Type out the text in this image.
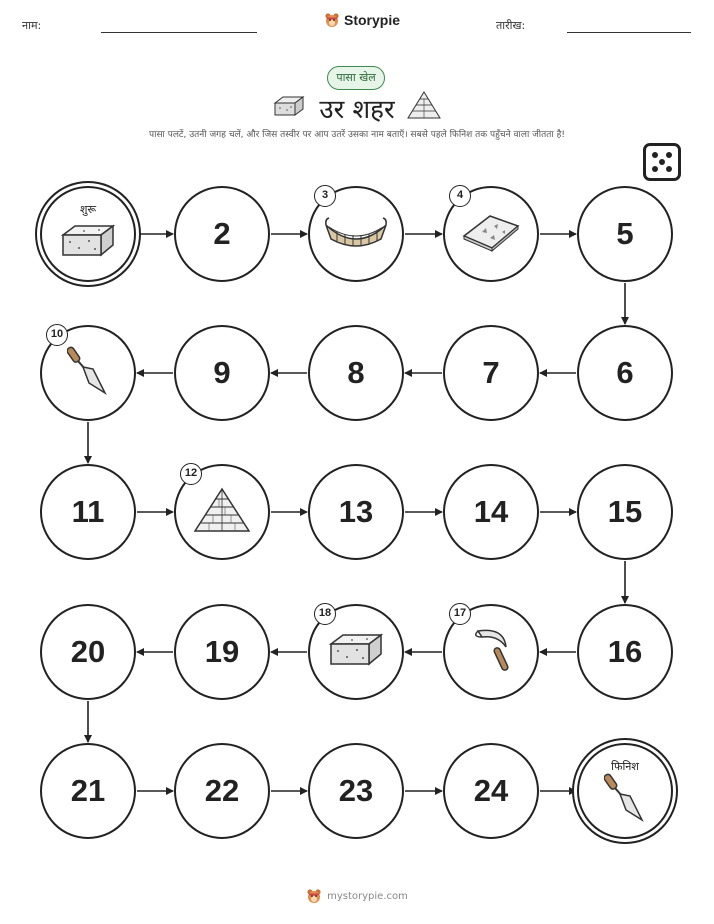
नाम:	Storypie	तारीख:
पासा खेल
उर शहर
पासा पलटें, उतनी जगह चलें, और जिस तस्वीर पर आप उतरें उसका नाम बताएँ। सबसे पहले फिनिश तक पहुँचने वाला जीतता है!
शुरू
2
3	4
5
6
7
8
9
10
11
12
13	14	15
16
17
18
19
20
21	22	23	24
फिनिश
mystorypie.com
